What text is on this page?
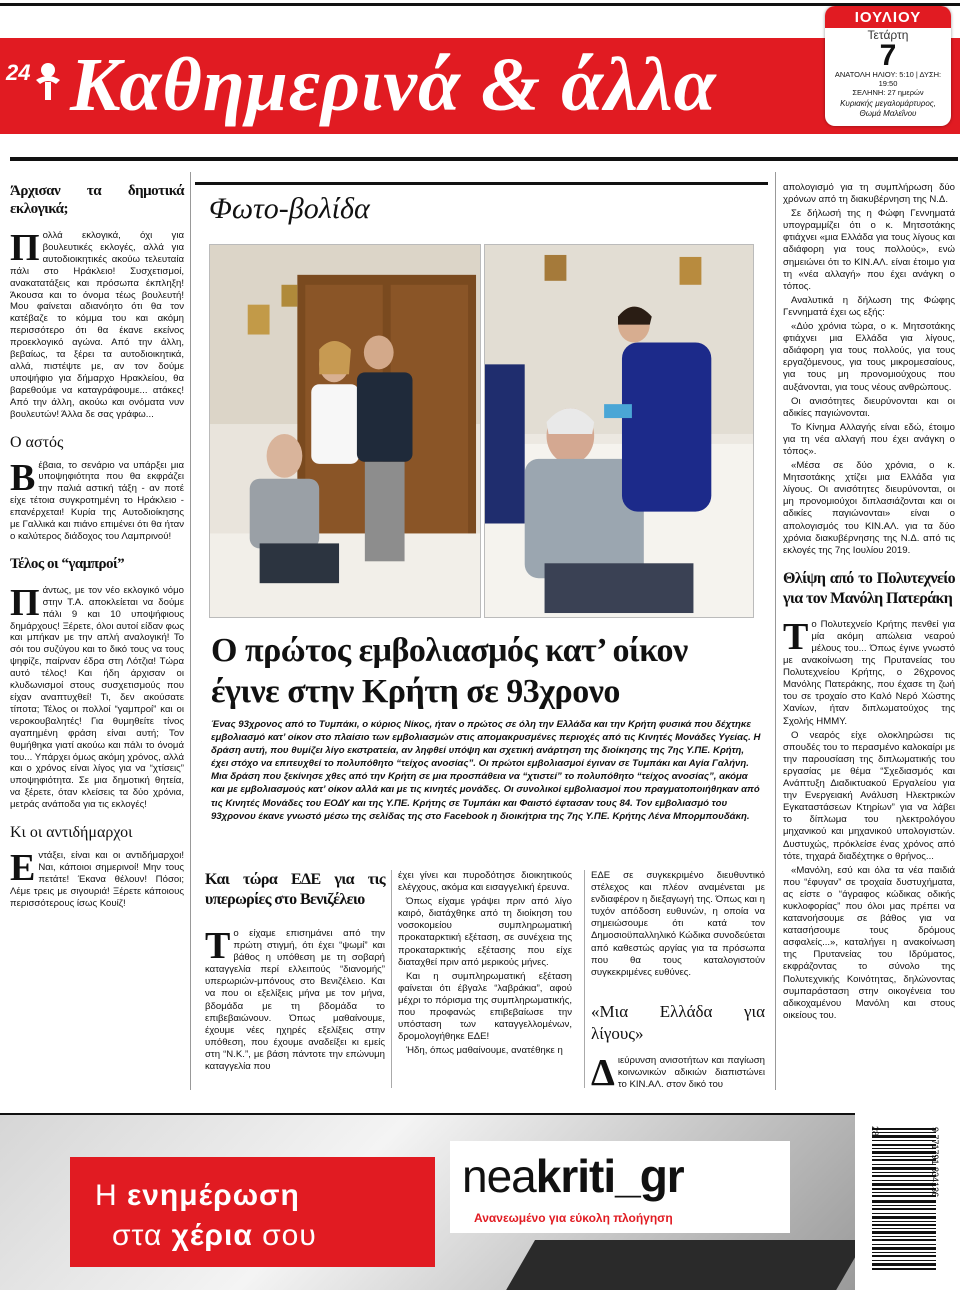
24 Καθημερινά & άλλα
ΙΟΥΛΙΟΥ
Τετάρτη
7
ΑΝΑΤΟΛΗ ΗΛΙΟΥ: 5:10 | ΔΥΣΗ: 19:50
ΣΕΛΗΝΗ: 27 ημερών
Κυριακής μεγαλομάρτυρος,
Θωμά Μαλεΐνου
Άρχισαν τα δημοτικά εκλογικά;

Πολλά εκλογικά, όχι για βουλευτικές εκλογές, αλλά για αυτοδιοικητικές ακούω τελευταία πάλι στο Ηράκλειο! Συσχετισμοί, ανακατατάξεις και πρόσωπα έκπληξη! Άκουσα και το όνομα τέως βουλευτή! Μου φαίνεται αδιανόητο ότι θα τον κατέβαζε το κόμμα του και ακόμη περισσότερο ότι θα έκανε εκείνος προεκλογικό αγώνα. Από την άλλη, βεβαίως, τα ξέρει τα αυτοδιοικητικά, αλλά, πιστέψτε με, αν τον δούμε υποψήφιο για δήμαρχο Ηρακλείου, θα βαρεθούμε να καταγράφουμε... ατάκες! Από την άλλη, ακούω και ονόματα νυν βουλευτών! Άλλα δε σας γράφω...

Ο αστός

Βέβαια, το σενάριο να υπάρξει μια υποψηφιότητα που θα εκφράζει την παλιά αστική τάξη - αν ποτέ είχε τέτοια συγκροτημένη το Ηράκλειο - επανέρχεται! Κυρία της Αυτοδιοίκησης με Γαλλικά και πιάνο επιμένει ότι θα ήταν ο καλύτερος διάδοχος του Λαμπρινού!

Τέλος οι “γαμπροί”

Πάντως, με τον νέο εκλογικό νόμο στην Τ.Α. αποκλείεται να δούμε πάλι 9 και 10 υποψήφιους δημάρχους! Ξέρετε, όλοι αυτοί είδαν φως και μπήκαν με την απλή αναλογική! Το σόι του συζύγου και το δικό τους να τους ψηφίζε, παίρναν έδρα στη Λότζια! Τώρα αυτό τέλος! Και ήδη άρχισαν οι κλυδωνισμοί στους συσχετισμούς που είχαν αναπτυχθεί! Τι, δεν ακούσατε τίποτα; Τέλος οι πολλοί “γαμπροί” και οι νεροκουβαλητές! Για θυμηθείτε τίνος αγαπημένη φράση είναι αυτή; Τον θυμήθηκα γιατί ακούω και πάλι το όνομά του... Υπάρχει όμως ακόμη χρόνος, αλλά και ο χρόνος είναι λίγος για να “χτίσεις” υποψηφιότητα. Σε μια δημοτική θητεία, να ξέρετε, όταν κλείσεις τα δύο χρόνια, μετράς ανάποδα για τις εκλογές!

Κι οι αντιδήμαρχοι

Εντάξει, είναι και οι αντιδήμαρχοι! Ναι, κάποιοι σημερινοί! Μην τους πετάτε! Έκανα θέλουν! Πόσοι; Λέμε τρεις με σιγουριά! Ξέρετε κάποιους περισσότερους ίσως Κουίζ!

Φωτο-βολίδα
Ο πρώτος εμβολιασμός κατ’ οίκον έγινε στην Κρήτη σε 93χρονο
Ένας 93χρονος από το Τυμπάκι, ο κύριος Νίκος, ήταν ο πρώτος σε όλη την Ελλάδα και την Κρήτη φυσικά που δέχτηκε εμβολιασμό κατ’ οίκον στο πλαίσιο των εμβολιασμών στις απομακρυσμένες περιοχές από τις Κινητές Μονάδες Υγείας. Η δράση αυτή, που θυμίζει λίγο εκστρατεία, αν ληφθεί υπόψη και σχετική ανάρτηση της διοίκησης της 7ης Υ.ΠΕ. Κρήτη, έχει στόχο να επιτευχθεί το πολυπόθητο “τείχος ανοσίας”. Οι πρώτοι εμβολιασμοί έγιναν σε Τυμπάκι και Αγία Γαλήνη. Μια δράση που ξεκίνησε χθες από την Κρήτη σε μια προσπάθεια να “χτιστεί” το πολυπόθητο “τείχος ανοσίας”, ακόμα και με εμβολιασμούς κατ’ οίκον αλλά και με τις κινητές μονάδες. Οι συνολικοί εμβολιασμοί που πραγματοποιήθηκαν από τις Κινητές Μονάδες του ΕΟΔΥ και της Υ.ΠΕ. Κρήτης σε Τυμπάκι και Φαιστό έφτασαν τους 84. Τον εμβολιασμό του 93χρονου έκανε γνωστό μέσω της σελίδας της στο Facebook η διοικήτρια της 7ης Υ.ΠΕ. Κρήτης Λένα Μπορμπουδάκη.
Και τώρα ΕΔΕ για τις υπερωρίες στο Βενιζέλειο

Το είχαμε επισημάνει από την πρώτη στιγμή, ότι έχει “ψωμί” και βάθος η υπόθεση με τη σοβαρή καταγγελία περί ελλειπούς “διανομής” υπερωριών-μπόνους στο Βενιζέλειο. Και να που οι εξελίξεις μήνα με τον μήνα, βδομάδα με τη βδομάδα το επιβεβαιώνουν. Όπως μαθαίνουμε, έχουμε νέες ηχηρές εξελίξεις στην υπόθεση, που έχουμε αναδείξει κι εμείς στη “Ν.Κ.”, με βάση πάντοτε την επώνυμη καταγγελία που

έχει γίνει και πυροδότησε διοικητικούς ελέγχους, ακόμα και εισαγγελική έρευνα.

Όπως είχαμε γράψει πριν από λίγο καιρό, διατάχθηκε από τη διοίκηση του νοσοκομείου συμπληρωματική προκαταρκτική εξέταση, σε συνέχεια της προκαταρκτικής εξέτασης που είχε διαταχθεί πριν από μερικούς μήνες.

Και η συμπληρωματική εξέταση φαίνεται ότι έβγαλε “λαβράκια”, αφού μέχρι το πόρισμα της συμπληρωματικής, που προφανώς επιβεβαίωσε την υπόσταση των καταγγελλομένων, δρομολογήθηκε ΕΔΕ!

Ήδη, όπως μαθαίνουμε, ανατέθηκε η

ΕΔΕ σε συγκεκριμένο διευθυντικό στέλεχος και πλέον αναμένεται με ενδιαφέρον η διεξαγωγή της. Όπως και η τυχόν απόδοση ευθυνών, η οποία να σημειώσουμε ότι κατά τον Δημοσιοϋπαλληλικό Κώδικα συνοδεύεται από καθεστώς αργίας για τα πρόσωπα που θα τους καταλογιστούν συγκεκριμένες ευθύνες.

«Μια Ελλάδα για λίγους»

Διεύρυνση ανισοτήτων και παγίωση κοινωνικών αδικιών διαπιστώνει το ΚΙΝ.ΑΛ. στον δικό του

απολογισμό για τη συμπλήρωση δύο χρόνων από τη διακυβέρνηση της Ν.Δ.

Σε δήλωσή της η Φώφη Γεννηματά υπογραμμίζει ότι ο κ. Μητσοτάκης φτιάχνει «μια Ελλάδα για τους λίγους και αδιάφορη για τους πολλούς», ενώ σημειώνει ότι το ΚΙΝ.ΑΛ. είναι έτοιμο για τη «νέα αλλαγή» που έχει ανάγκη ο τόπος.

Αναλυτικά η δήλωση της Φώφης Γεννηματά έχει ως εξής:

«Δύο χρόνια τώρα, ο κ. Μητσοτάκης φτιάχνει μια Ελλάδα για λίγους, αδιάφορη για τους πολλούς, για τους εργαζόμενους, για τους μικρομεσαίους, για τους μη προνομιούχους που αυξάνονται, για τους νέους ανθρώπους.

Οι ανισότητες διευρύνονται και οι αδικίες παγιώνονται.

Το Κίνημα Αλλαγής είναι εδώ, έτοιμο για τη νέα αλλαγή που έχει ανάγκη ο τόπος».

«Μέσα σε δύο χρόνια, ο κ. Μητσοτάκης χτίζει μια Ελλάδα για λίγους. Οι ανισότητες διευρύνονται, οι μη προνομιούχοι διπλασιάζονται και οι αδικίες παγιώνονται» είναι ο απολογισμός του ΚΙΝ.ΑΛ. για τα δύο χρόνια διακυβέρνησης της Ν.Δ. από τις εκλογές της 7ης Ιουλίου 2019.

Θλίψη από το Πολυτεχνείο για τον Μανόλη Πατεράκη

Το Πολυτεχνείο Κρήτης πενθεί για μία ακόμη απώλεια νεαρού μέλους του... Όπως έγινε γνωστό με ανακοίνωση της Πρυτανείας του Πολυτεχνείου Κρήτης, ο 26χρονος Μανόλης Πατεράκης, που έχασε τη ζωή του σε τροχαίο στο Καλό Νερό Χώστης Χανίων, ήταν διπλωματούχος της Σχολής ΗΜΜΥ.

Ο νεαρός είχε ολοκληρώσει τις σπουδές του το περασμένο καλοκαίρι με την παρουσίαση της διπλωματικής του εργασίας με θέμα “Σχεδιασμός και Ανάπτυξη Διαδικτυακού Εργαλείου για την Ενεργειακή Ανάλυση Ηλεκτρικών Εγκαταστάσεων Κτηρίων” για να λάβει το δίπλωμα του ηλεκτρολόγου μηχανικού και μηχανικού υπολογιστών. Δυστυχώς, πρόκλείσε ένας χρόνος από τότε, τηχαρά διαδέχτηκε ο θρήνος...

«Μανόλη, εσύ και όλα τα νέα παιδιά που “έφυγαν” σε τροχαία δυστυχήματα, ας είστε ο “άγραφος κώδικας οδικής κυκλοφορίας” που όλοι μας πρέπει να κατανοήσουμε σε βάθος για να κατασήσουμε τους δρόμους ασφαλείς...», καταλήγει η ανακοίνωση της Πρυτανείας του Ιδρύματος, εκφράζοντας το σύνολο της Πολυτεχνικής Κοινότητας, δηλώνοντας συμπαράσταση στην οικογένεια του αδικοχαμένου Μανόλη και στους οικείους του.

Η ενημέρωση
στα χέρια σου
neakriti_gr
Ανανεωμένο για εύκολη πλοήγηση
9 771791 834136
28
